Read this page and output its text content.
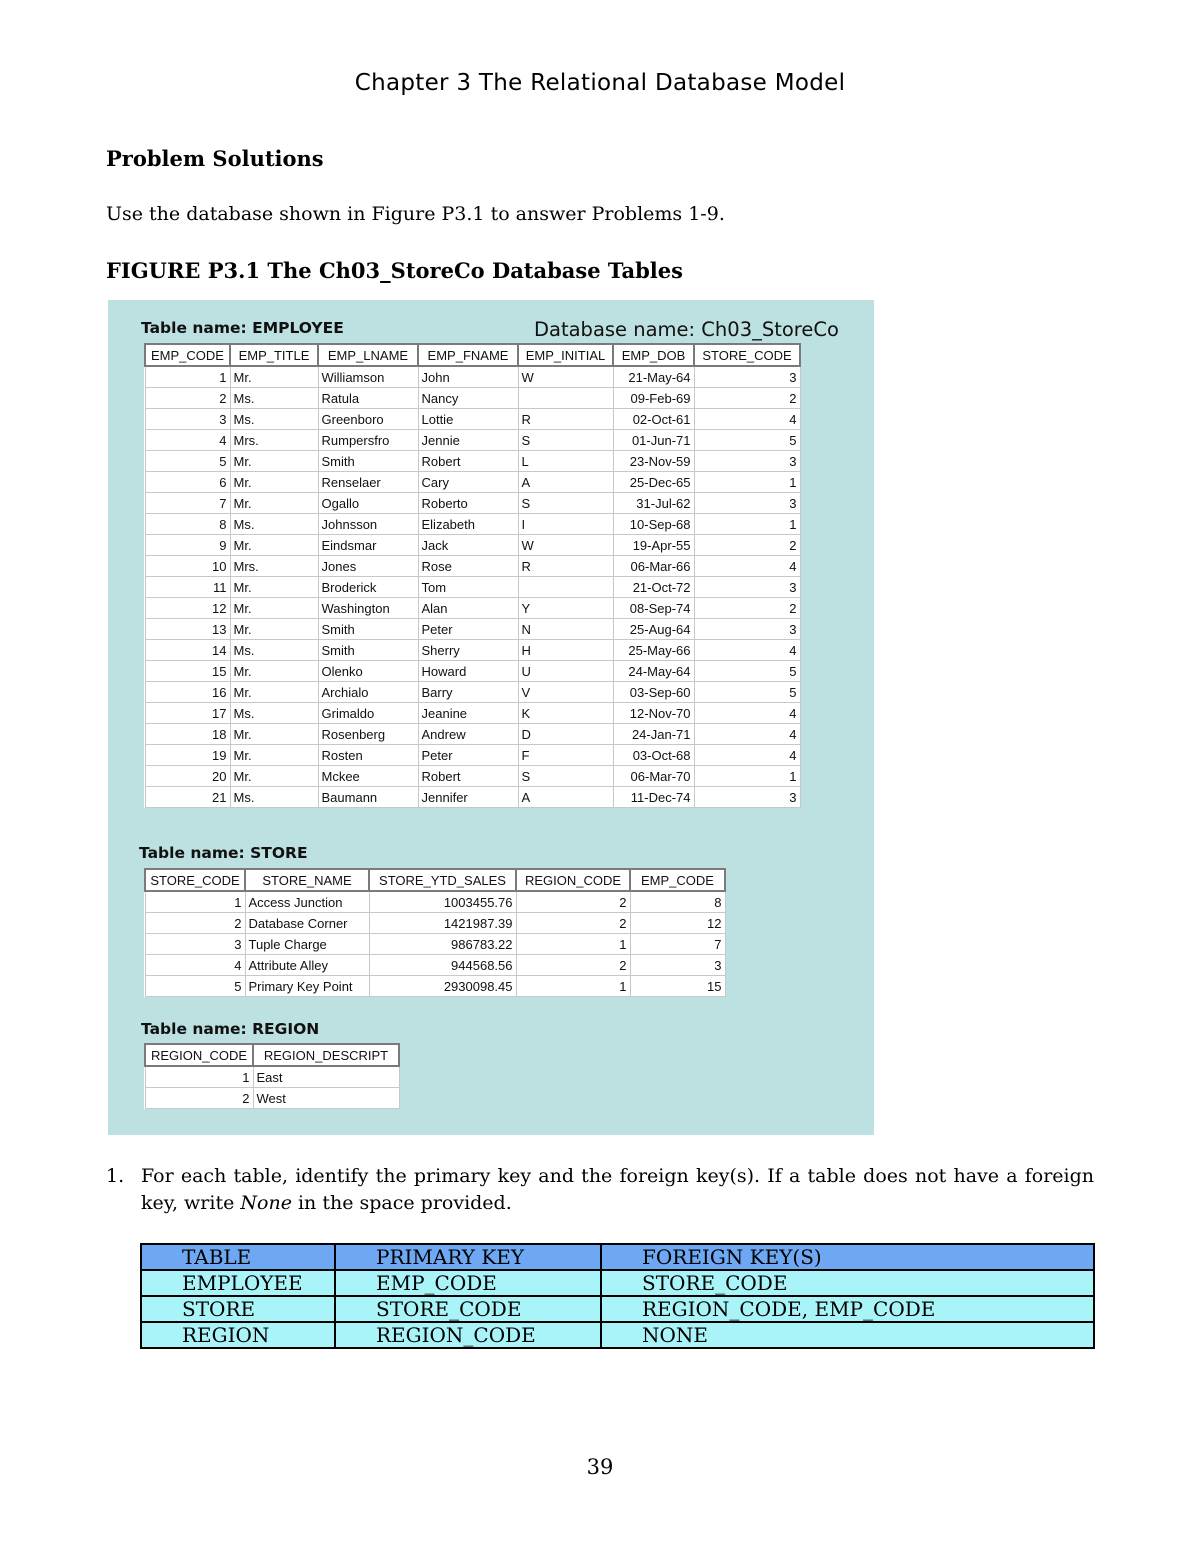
Chapter 3 The Relational Database Model
Problem Solutions
Use the database shown in Figure P3.1 to answer Problems 1-9.
FIGURE P3.1 The Ch03_StoreCo Database Tables
Table name: EMPLOYEE	Database name: Ch03_StoreCo
EMP_CODE	EMP_TITLE	EMP_LNAME	EMP_FNAME	EMP_INITIAL	EMP_DOB	STORE_CODE
1	Mr.	Williamson	John	W	21-May-64	3
2	Ms.	Ratula	Nancy		09-Feb-69	2
3	Ms.	Greenboro	Lottie	R	02-Oct-61	4
4	Mrs.	Rumpersfro	Jennie	S	01-Jun-71	5
5	Mr.	Smith	Robert	L	23-Nov-59	3
6	Mr.	Renselaer	Cary	A	25-Dec-65	1
7	Mr.	Ogallo	Roberto	S	31-Jul-62	3
8	Ms.	Johnsson	Elizabeth	I	10-Sep-68	1
9	Mr.	Eindsmar	Jack	W	19-Apr-55	2
10	Mrs.	Jones	Rose	R	06-Mar-66	4
11	Mr.	Broderick	Tom		21-Oct-72	3
12	Mr.	Washington	Alan	Y	08-Sep-74	2
13	Mr.	Smith	Peter	N	25-Aug-64	3
14	Ms.	Smith	Sherry	H	25-May-66	4
15	Mr.	Olenko	Howard	U	24-May-64	5
16	Mr.	Archialo	Barry	V	03-Sep-60	5
17	Ms.	Grimaldo	Jeanine	K	12-Nov-70	4
18	Mr.	Rosenberg	Andrew	D	24-Jan-71	4
19	Mr.	Rosten	Peter	F	03-Oct-68	4
20	Mr.	Mckee	Robert	S	06-Mar-70	1
21	Ms.	Baumann	Jennifer	A	11-Dec-74	3
Table name: STORE
STORE_CODE	STORE_NAME	STORE_YTD_SALES	REGION_CODE	EMP_CODE
1	Access Junction	1003455.76	2	8
2	Database Corner	1421987.39	2	12
3	Tuple Charge	986783.22	1	7
4	Attribute Alley	944568.56	2	3
5	Primary Key Point	2930098.45	1	15
Table name: REGION
REGION_CODE	REGION_DESCRIPT
1	East
2	West
1. For each table, identify the primary key and the foreign key(s). If a table does not have a foreign key, write None in the space provided.
TABLE	PRIMARY KEY	FOREIGN KEY(S)
EMPLOYEE	EMP_CODE	STORE_CODE
STORE	STORE_CODE	REGION_CODE, EMP_CODE
REGION	REGION_CODE	NONE
39
